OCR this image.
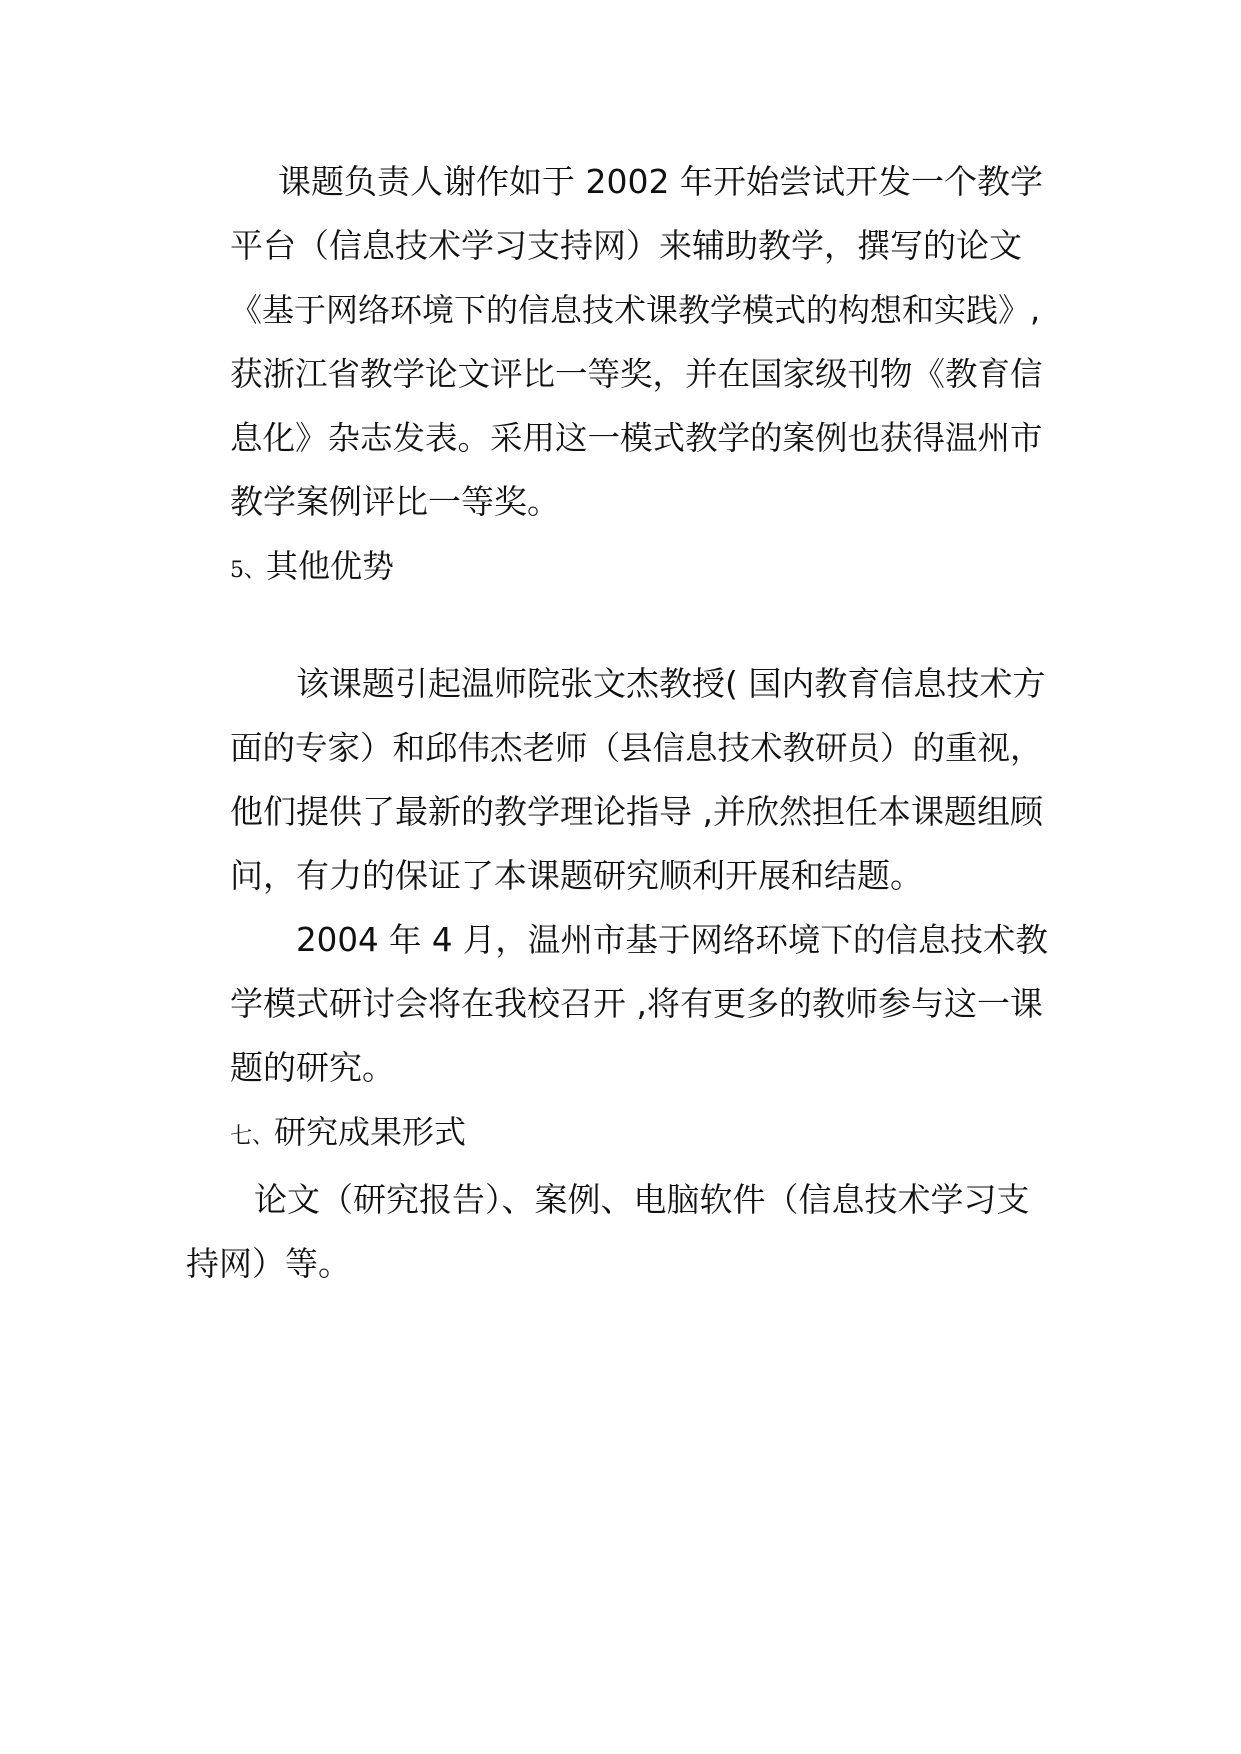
课题负责人谢作如于 2002 年开始尝试开发一个教学
平台（信息技术学习支持网）来辅助教学，撰写的论文
《基于网络环境下的信息技术课教学模式的构想和实践》,
获浙江省教学论文评比一等奖，并在国家级刊物《教育信
息化》杂志发表。采用这一模式教学的案例也获得温州市
教学案例评比一等奖。
5、其他优势
该课题引起温师院张文杰教授( 国内教育信息技术方
面的专家）和邱伟杰老师（县信息技术教研员）的重视，
他们提供了最新的教学理论指导 ,并欣然担任本课题组顾
问，有力的保证了本课题研究顺利开展和结题。
2004 年 4 月，温州市基于网络环境下的信息技术教
学模式研讨会将在我校召开 ,将有更多的教师参与这一课
题的研究。
七、研究成果形式
论文（研究报告）、案例、电脑软件（信息技术学习支
持网）等。
